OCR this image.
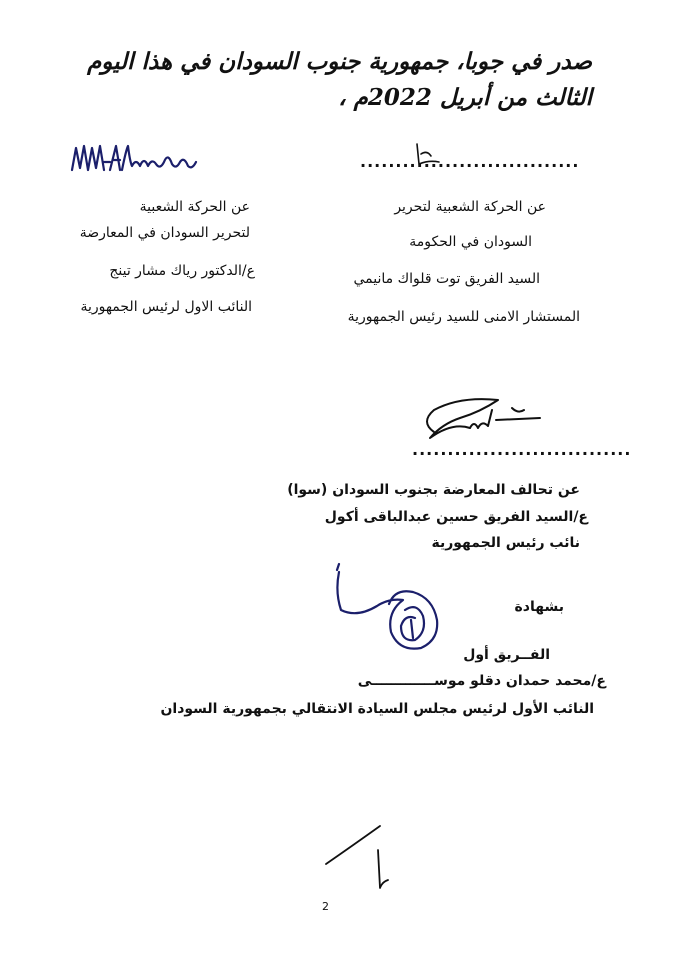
صدر في جوبا، جمهورية جنوب السودان في هذا اليوم
الثالث من أبريل 2022م ،
...............................
عن الحركة الشعبية
لتحرير السودان في المعارضة
ع/الدكتور رياك مشار تينج
النائب الاول لرئيس الجمهورية
عن الحركة الشعبية لتحرير
السودان في الحكومة
السيد الفريق توت قلواك مانيمي
المستشار الامنى للسيد رئيس الجمهورية
...............................
عن تحالف المعارضة بجنوب السودان (سوا)
ع/السيد الفريق حسين عبدالباقى أكول
نائب رئيس الجمهورية
بشهادة
الفــريق أول
ع/محمد حمدان دقلو موســـــــــــــى
النائب الأول لرئيس مجلس السيادة الانتقالي بجمهورية السودان
2
